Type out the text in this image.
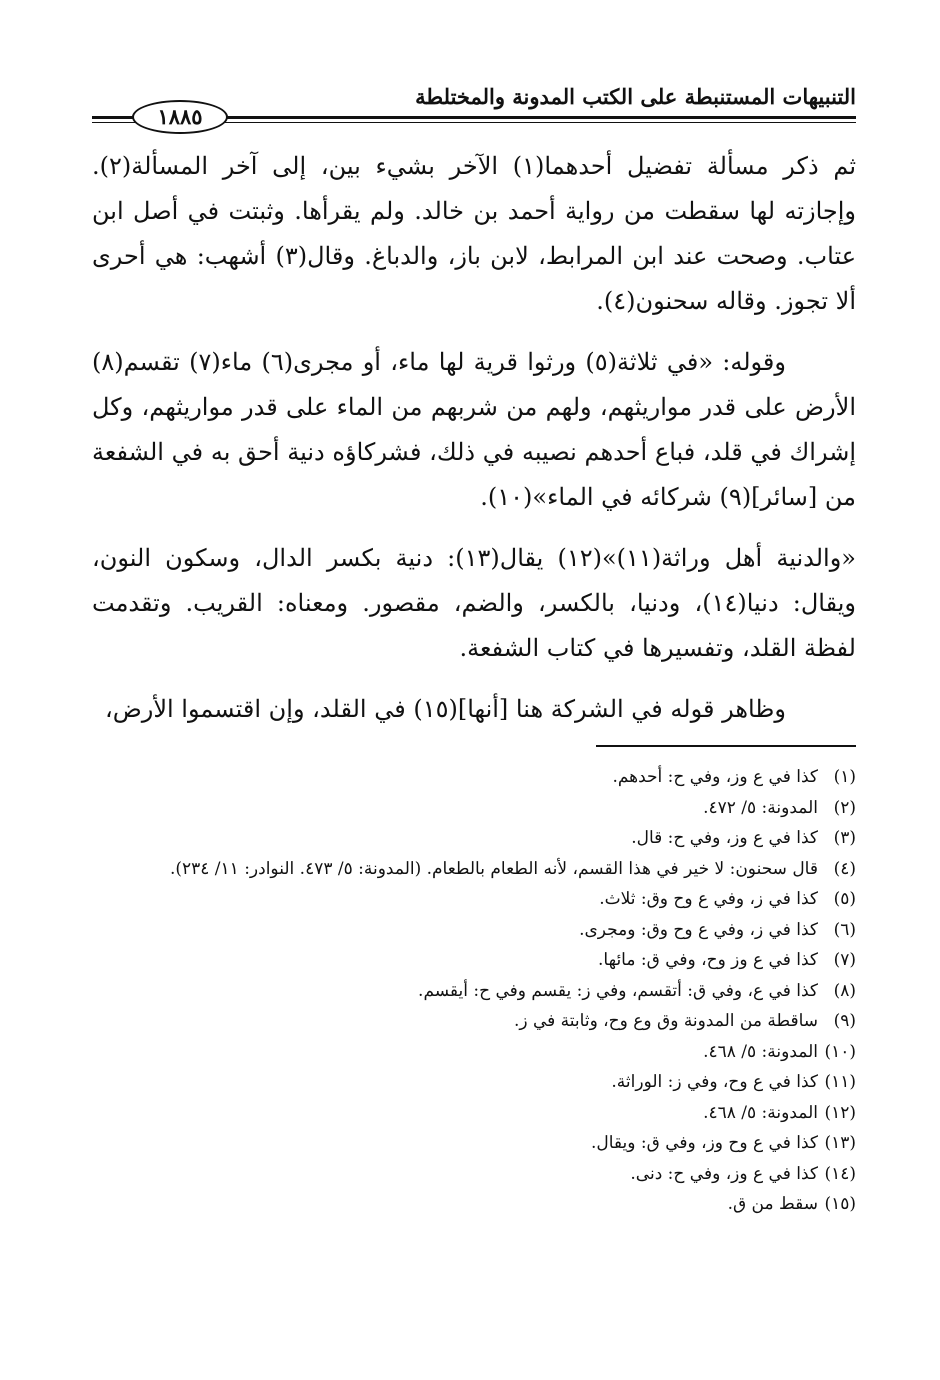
التنبيهات المستنبطة على الكتب المدونة والمختلطة
١٨٨٥

ثم ذكر مسألة تفضيل أحدهما(١) الآخر بشيء بين، إلى آخر المسألة(٢). وإجازته لها سقطت من رواية أحمد بن خالد. ولم يقرأها. وثبتت في أصل ابن عتاب. وصحت عند ابن المرابط، لابن باز، والدباغ. وقال(٣) أشهب: هي أحرى ألا تجوز. وقاله سحنون(٤).

وقوله: «في ثلاثة(٥) ورثوا قرية لها ماء، أو مجرى(٦) ماء(٧) تقسم(٨) الأرض على قدر مواريثهم، ولهم من شربهم من الماء على قدر مواريثهم، وكل إشراك في قلد، فباع أحدهم نصيبه في ذلك، فشركاؤه دنية أحق به في الشفعة من [سائر](٩) شركائه في الماء»(١٠).

«والدنية أهل وراثة(١١)»(١٢) يقال(١٣): دنية بكسر الدال، وسكون النون، ويقال: دنيا(١٤)، ودنيا، بالكسر، والضم، مقصور. ومعناه: القريب. وتقدمت لفظة القلد، وتفسيرها في كتاب الشفعة.

وظاهر قوله في الشركة هنا [أنها](١٥) في القلد، وإن اقتسموا الأرض،

(١)
كذا في ع وز، وفي ح: أحدهم.
(٢)
المدونة: ٥/ ٤٧٢.
(٣)
كذا في ع وز، وفي ح: قال.
(٤)
قال سحنون: لا خير في هذا القسم، لأنه الطعام بالطعام. (المدونة: ٥/ ٤٧٣. النوادر: ١١/ ٢٣٤).
(٥)
كذا في ز، وفي ع وح وق: ثلاث.
(٦)
كذا في ز، وفي ع وح وق: ومجرى.
(٧)
كذا في ع وز وح، وفي ق: مائها.
(٨)
كذا في ع، وفي ق: أتقسم، وفي ز: يقسم وفي ح: أيقسم.
(٩)
ساقطة من المدونة وق وع وح، وثابتة في ز.
(١٠)
المدونة: ٥/ ٤٦٨.
(١١)
كذا في ع وح، وفي ز: الوراثة.
(١٢)
المدونة: ٥/ ٤٦٨.
(١٣)
كذا في ع وح وز، وفي ق: ويقال.
(١٤)
كذا في ع وز، وفي ح: دنى.
(١٥)
سقط من ق.
